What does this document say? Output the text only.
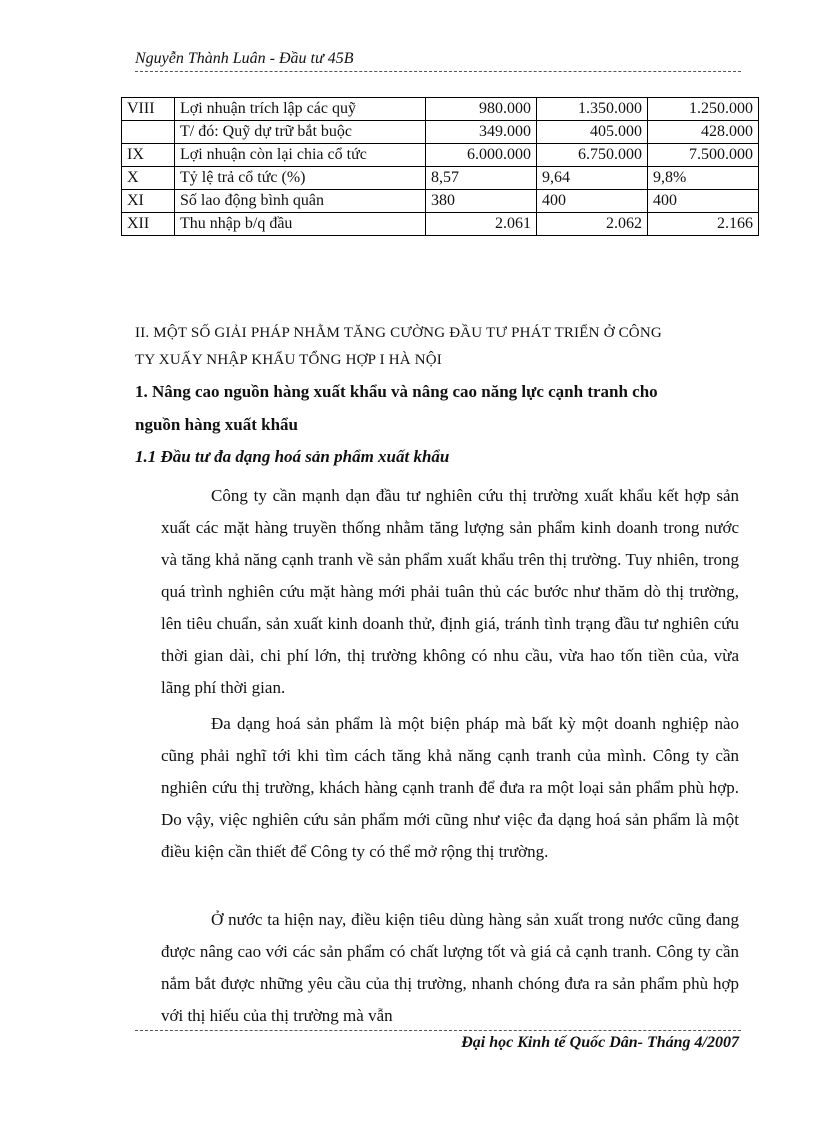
Nguyễn Thành Luân - Đầu tư 45B
VIII	Lợi nhuận trích lập các quỹ	980.000	1.350.000	1.250.000
	T/ đó: Quỹ dự trữ bắt buộc	349.000	405.000	428.000
IX	Lợi nhuận còn lại chia cổ tức	6.000.000	6.750.000	7.500.000
X	Tỷ lệ trả cổ tức (%)	8,57	9,64	9,8%
XI	Số lao động bình quân	380	400	400
XII	Thu nhập b/q đầu	2.061	2.062	2.166
II. MỘT SỐ GIẢI PHÁP NHẰM TĂNG CƯỜNG ĐẦU TƯ PHÁT TRIỂN Ở CÔNG
TY XUẤY NHẬP KHẨU TỔNG HỢP I HÀ NỘI
1. Nâng cao nguồn hàng xuất khẩu và nâng cao năng lực cạnh tranh cho
nguồn hàng xuất khẩu
1.1 Đầu tư đa dạng hoá sản phẩm xuất khẩu
Công ty cần mạnh dạn đầu tư nghiên cứu thị trường xuất khẩu kết hợp sản xuất các mặt hàng truyền thống nhằm tăng lượng sản phẩm kinh doanh trong nước và tăng khả năng cạnh tranh về sản phẩm xuất khẩu trên thị trường. Tuy nhiên, trong quá trình nghiên cứu mặt hàng mới phải tuân thủ các bước như thăm dò thị trường, lên tiêu chuẩn, sản xuất kinh doanh thử, định giá, tránh tình trạng đầu tư nghiên cứu thời gian dài, chi phí lớn, thị trường không có nhu cầu, vừa hao tốn tiền của, vừa lãng phí thời gian.
Đa dạng hoá sản phẩm là một biện pháp mà bất kỳ một doanh nghiệp nào cũng phải nghĩ tới khi tìm cách tăng khả năng cạnh tranh của mình. Công ty cần nghiên cứu thị trường, khách hàng cạnh tranh để đưa ra một loại sản phẩm phù hợp. Do vậy, việc nghiên cứu sản phẩm mới cũng như việc đa dạng hoá sản phẩm là một điều kiện cần thiết để Công ty có thể mở rộng thị trường.
Ở nước ta hiện nay, điều kiện tiêu dùng hàng sản xuất trong nước cũng đang được nâng cao với các sản phẩm có chất lượng tốt và giá cả cạnh tranh. Công ty cần nắm bắt được những yêu cầu của thị trường, nhanh chóng đưa ra sản phẩm phù hợp với thị hiếu của thị trường mà vẫn
Đại học Kinh tế Quốc Dân- Tháng 4/2007
